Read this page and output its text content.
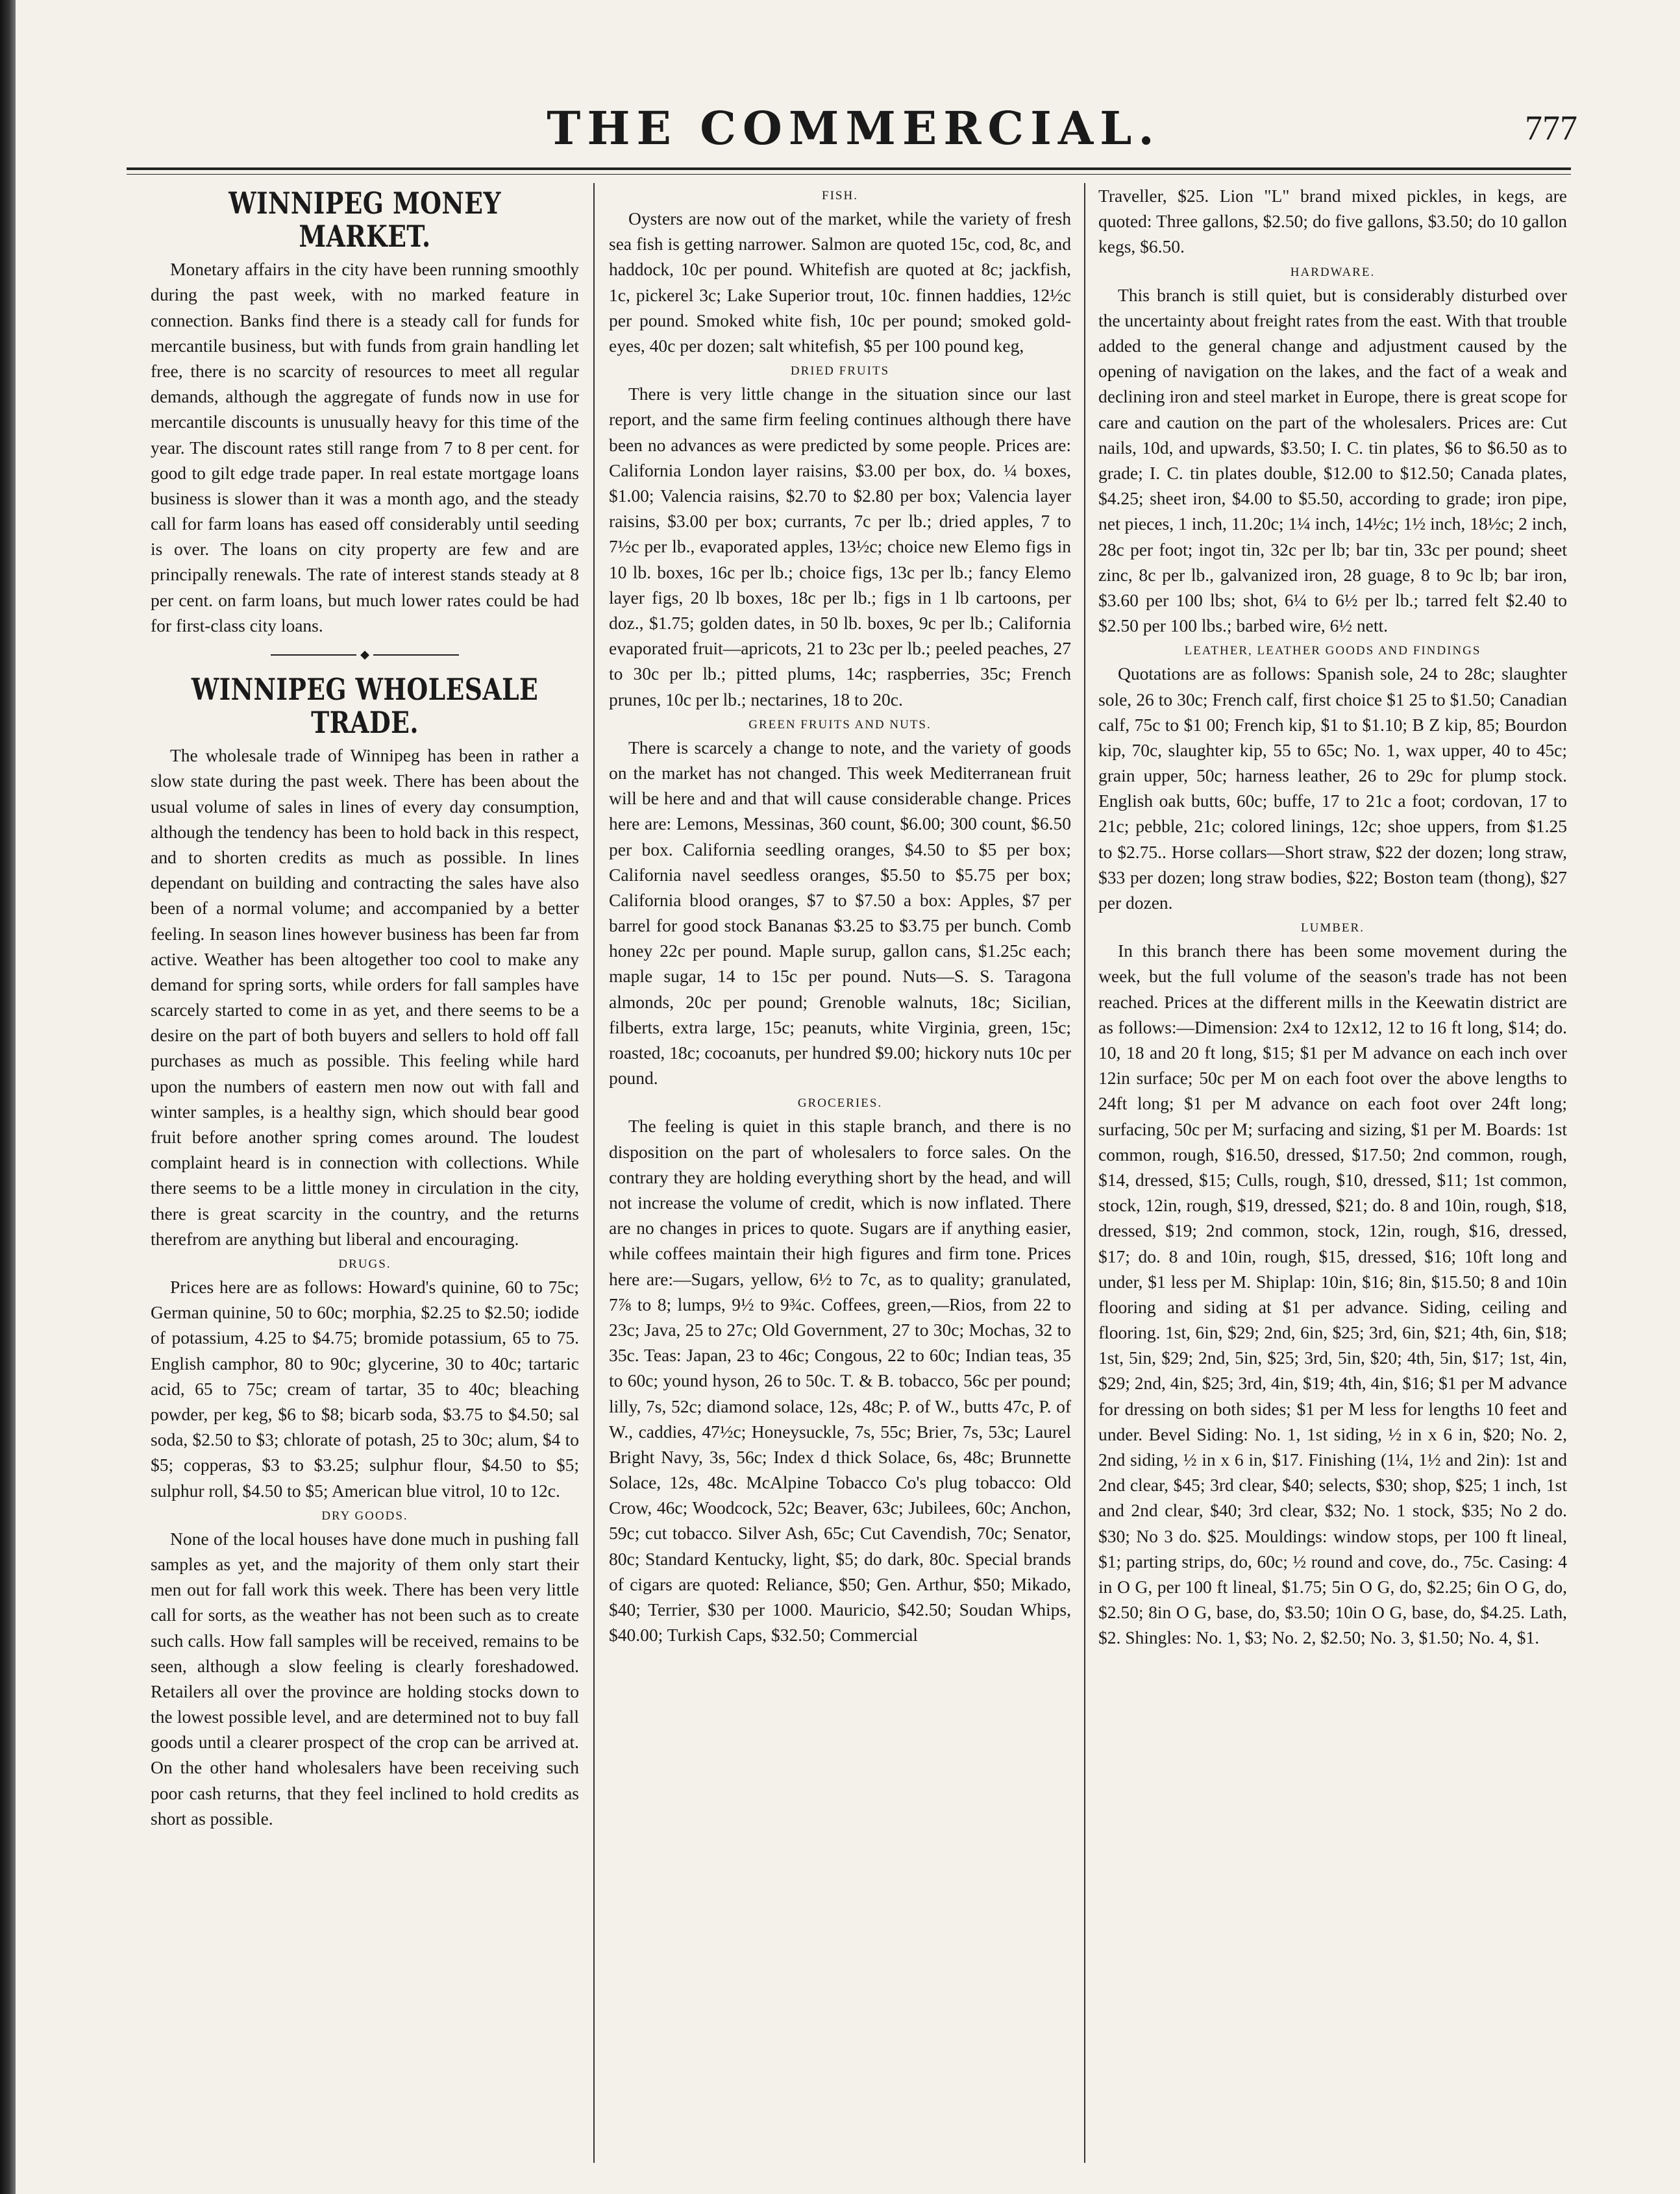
THE COMMERCIAL.	777
WINNIPEG MONEY MARKET.

Monetary affairs in the city have been running smoothly during the past week, with no marked feature in connection. Banks find there is a steady call for funds for mercantile business, but with funds from grain handling let free, there is no scarcity of resources to meet all regular demands, although the aggregate of funds now in use for mercantile discounts is unusually heavy for this time of the year. The discount rates still range from 7 to 8 per cent. for good to gilt edge trade paper. In real estate mortgage loans business is slower than it was a month ago, and the steady call for farm loans has eased off considerably until seeding is over. The loans on city property are few and are principally renewals. The rate of interest stands steady at 8 per cent. on farm loans, but much lower rates could be had for first-class city loans.

◆
WINNIPEG WHOLESALE TRADE.

The wholesale trade of Winnipeg has been in rather a slow state during the past week. There has been about the usual volume of sales in lines of every day consumption, although the tendency has been to hold back in this respect, and to shorten credits as much as possible. In lines dependant on building and contracting the sales have also been of a normal volume; and accompanied by a better feeling. In season lines however business has been far from active. Weather has been altogether too cool to make any demand for spring sorts, while orders for fall samples have scarcely started to come in as yet, and there seems to be a desire on the part of both buyers and sellers to hold off fall purchases as much as possible. This feeling while hard upon the numbers of eastern men now out with fall and winter samples, is a healthy sign, which should bear good fruit before another spring comes around. The loudest complaint heard is in connection with collections. While there seems to be a little money in circulation in the city, there is great scarcity in the country, and the returns therefrom are anything but liberal and encouraging.

DRUGS.

Prices here are as follows: Howard's quinine, 60 to 75c; German quinine, 50 to 60c; morphia, $2.25 to $2.50; iodide of potassium, 4.25 to $4.75; bromide potassium, 65 to 75. English camphor, 80 to 90c; glycerine, 30 to 40c; tartaric acid, 65 to 75c; cream of tartar, 35 to 40c; bleaching powder, per keg, $6 to $8; bicarb soda, $3.75 to $4.50; sal soda, $2.50 to $3; chlorate of potash, 25 to 30c; alum, $4 to $5; copperas, $3 to $3.25; sulphur flour, $4.50 to $5; sulphur roll, $4.50 to $5; American blue vitrol, 10 to 12c.

DRY GOODS.

None of the local houses have done much in pushing fall samples as yet, and the majority of them only start their men out for fall work this week. There has been very little call for sorts, as the weather has not been such as to create such calls. How fall samples will be received, remains to be seen, although a slow feeling is clearly foreshadowed. Retailers all over the province are holding stocks down to the lowest possible level, and are determined not to buy fall goods until a clearer prospect of the crop can be arrived at. On the other hand wholesalers have been receiving such poor cash returns, that they feel inclined to hold credits as short as possible.

FISH.

Oysters are now out of the market, while the variety of fresh sea fish is getting narrower. Salmon are quoted 15c, cod, 8c, and haddock, 10c per pound. Whitefish are quoted at 8c; jackfish, 1c, pickerel 3c; Lake Superior trout, 10c. finnen haddies, 12½c per pound. Smoked white fish, 10c per pound; smoked gold-eyes, 40c per dozen; salt whitefish, $5 per 100 pound keg,

DRIED FRUITS

There is very little change in the situation since our last report, and the same firm feeling continues although there have been no advances as were predicted by some people. Prices are: California London layer raisins, $3.00 per box, do. ¼ boxes, $1.00; Valencia raisins, $2.70 to $2.80 per box; Valencia layer raisins, $3.00 per box; currants, 7c per lb.; dried apples, 7 to 7½c per lb., evaporated apples, 13½c; choice new Elemo figs in 10 lb. boxes, 16c per lb.; choice figs, 13c per lb.; fancy Elemo layer figs, 20 lb boxes, 18c per lb.; figs in 1 lb cartoons, per doz., $1.75; golden dates, in 50 lb. boxes, 9c per lb.; California evaporated fruit—apricots, 21 to 23c per lb.; peeled peaches, 27 to 30c per lb.; pitted plums, 14c; raspberries, 35c; French prunes, 10c per lb.; nectarines, 18 to 20c.

GREEN FRUITS AND NUTS.

There is scarcely a change to note, and the variety of goods on the market has not changed. This week Mediterranean fruit will be here and and that will cause considerable change. Prices here are: Lemons, Messinas, 360 count, $6.00; 300 count, $6.50 per box. California seedling oranges, $4.50 to $5 per box; California navel seedless oranges, $5.50 to $5.75 per box; California blood oranges, $7 to $7.50 a box: Apples, $7 per barrel for good stock Bananas $3.25 to $3.75 per bunch. Comb honey 22c per pound. Maple surup, gallon cans, $1.25c each; maple sugar, 14 to 15c per pound. Nuts—S. S. Taragona almonds, 20c per pound; Grenoble walnuts, 18c; Sicilian, filberts, extra large, 15c; peanuts, white Virginia, green, 15c; roasted, 18c; cocoanuts, per hundred $9.00; hickory nuts 10c per pound.

GROCERIES.

The feeling is quiet in this staple branch, and there is no disposition on the part of wholesalers to force sales. On the contrary they are holding everything short by the head, and will not increase the volume of credit, which is now inflated. There are no changes in prices to quote. Sugars are if anything easier, while coffees maintain their high figures and firm tone. Prices here are:—Sugars, yellow, 6½ to 7c, as to quality; granulated, 7⅞ to 8; lumps, 9½ to 9¾c. Coffees, green,—Rios, from 22 to 23c; Java, 25 to 27c; Old Government, 27 to 30c; Mochas, 32 to 35c. Teas: Japan, 23 to 46c; Congous, 22 to 60c; Indian teas, 35 to 60c; yound hyson, 26 to 50c. T. & B. tobacco, 56c per pound; lilly, 7s, 52c; diamond solace, 12s, 48c; P. of W., butts 47c, P. of W., caddies, 47½c; Honeysuckle, 7s, 55c; Brier, 7s, 53c; Laurel Bright Navy, 3s, 56c; Index d thick Solace, 6s, 48c; Brunnette Solace, 12s, 48c. McAlpine Tobacco Co's plug tobacco: Old Crow, 46c; Woodcock, 52c; Beaver, 63c; Jubilees, 60c; Anchon, 59c; cut tobacco. Silver Ash, 65c; Cut Cavendish, 70c; Senator, 80c; Standard Kentucky, light, $5; do dark, 80c. Special brands of cigars are quoted: Reliance, $50; Gen. Arthur, $50; Mikado, $40; Terrier, $30 per 1000. Mauricio, $42.50; Soudan Whips, $40.00; Turkish Caps, $32.50; Commercial

Traveller, $25. Lion "L" brand mixed pickles, in kegs, are quoted: Three gallons, $2.50; do five gallons, $3.50; do 10 gallon kegs, $6.50.

HARDWARE.

This branch is still quiet, but is considerably disturbed over the uncertainty about freight rates from the east. With that trouble added to the general change and adjustment caused by the opening of navigation on the lakes, and the fact of a weak and declining iron and steel market in Europe, there is great scope for care and caution on the part of the wholesalers. Prices are: Cut nails, 10d, and upwards, $3.50; I. C. tin plates, $6 to $6.50 as to grade; I. C. tin plates double, $12.00 to $12.50; Canada plates, $4.25; sheet iron, $4.00 to $5.50, according to grade; iron pipe, net pieces, 1 inch, 11.20c; 1¼ inch, 14½c; 1½ inch, 18½c; 2 inch, 28c per foot; ingot tin, 32c per lb; bar tin, 33c per pound; sheet zinc, 8c per lb., galvanized iron, 28 guage, 8 to 9c lb; bar iron, $3.60 per 100 lbs; shot, 6¼ to 6½ per lb.; tarred felt $2.40 to $2.50 per 100 lbs.; barbed wire, 6½ nett.

LEATHER, LEATHER GOODS AND FINDINGS

Quotations are as follows: Spanish sole, 24 to 28c; slaughter sole, 26 to 30c; French calf, first choice $1 25 to $1.50; Canadian calf, 75c to $1 00; French kip, $1 to $1.10; B Z kip, 85; Bourdon kip, 70c, slaughter kip, 55 to 65c; No. 1, wax upper, 40 to 45c; grain upper, 50c; harness leather, 26 to 29c for plump stock. English oak butts, 60c; buffe, 17 to 21c a foot; cordovan, 17 to 21c; pebble, 21c; colored linings, 12c; shoe uppers, from $1.25 to $2.75.. Horse collars—Short straw, $22 der dozen; long straw, $33 per dozen; long straw bodies, $22; Boston team (thong), $27 per dozen.

LUMBER.

In this branch there has been some movement during the week, but the full volume of the season's trade has not been reached. Prices at the different mills in the Keewatin district are as follows:—Dimension: 2x4 to 12x12, 12 to 16 ft long, $14; do. 10, 18 and 20 ft long, $15; $1 per M advance on each inch over 12in surface; 50c per M on each foot over the above lengths to 24ft long; $1 per M advance on each foot over 24ft long; surfacing, 50c per M; surfacing and sizing, $1 per M. Boards: 1st common, rough, $16.50, dressed, $17.50; 2nd common, rough, $14, dressed, $15; Culls, rough, $10, dressed, $11; 1st common, stock, 12in, rough, $19, dressed, $21; do. 8 and 10in, rough, $18, dressed, $19; 2nd common, stock, 12in, rough, $16, dressed, $17; do. 8 and 10in, rough, $15, dressed, $16; 10ft long and under, $1 less per M. Shiplap: 10in, $16; 8in, $15.50; 8 and 10in flooring and siding at $1 per advance. Siding, ceiling and flooring. 1st, 6in, $29; 2nd, 6in, $25; 3rd, 6in, $21; 4th, 6in, $18; 1st, 5in, $29; 2nd, 5in, $25; 3rd, 5in, $20; 4th, 5in, $17; 1st, 4in, $29; 2nd, 4in, $25; 3rd, 4in, $19; 4th, 4in, $16; $1 per M advance for dressing on both sides; $1 per M less for lengths 10 feet and under. Bevel Siding: No. 1, 1st siding, ½ in x 6 in, $20; No. 2, 2nd siding, ½ in x 6 in, $17. Finishing (1¼, 1½ and 2in): 1st and 2nd clear, $45; 3rd clear, $40; selects, $30; shop, $25; 1 inch, 1st and 2nd clear, $40; 3rd clear, $32; No. 1 stock, $35; No 2 do. $30; No 3 do. $25. Mouldings: window stops, per 100 ft lineal, $1; parting strips, do, 60c; ½ round and cove, do., 75c. Casing: 4 in O G, per 100 ft lineal, $1.75; 5in O G, do, $2.25; 6in O G, do, $2.50; 8in O G, base, do, $3.50; 10in O G, base, do, $4.25. Lath, $2. Shingles: No. 1, $3; No. 2, $2.50; No. 3, $1.50; No. 4, $1.
